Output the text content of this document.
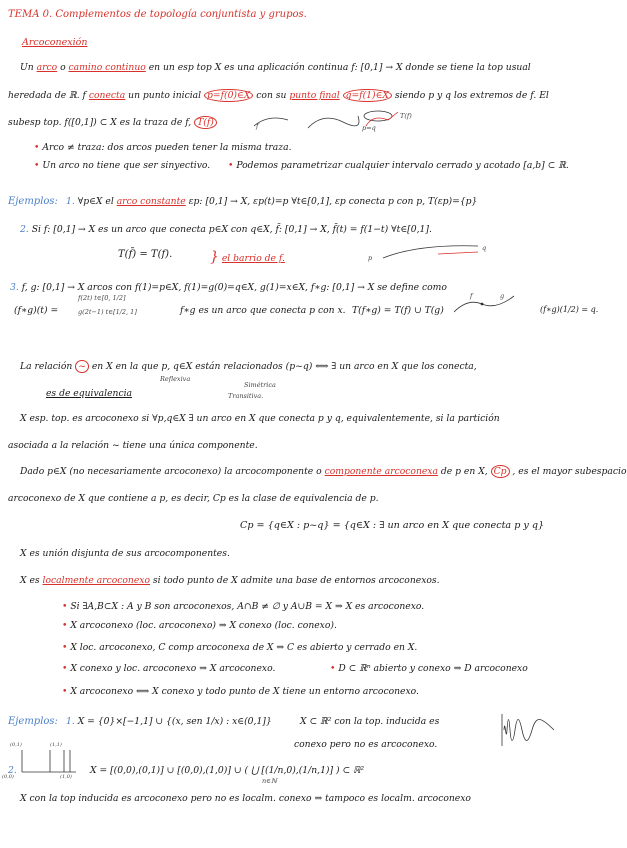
TEMA 0. Complementos de topología conjuntista y grupos.
Arcoconexión
Un arco o camino continuo en un esp top X es una aplicación continua f: [0,1] → X donde se tiene la top usual
heredada de ℝ. f conecta un punto inicial p=f(0)∈X con su punto final q=f(1)∈X siendo p y q los extremos de f. El
subesp top. f([0,1]) ⊂ X es la traza de f, T(f)	f	p=q
T(f)
• Arco ≠ traza: dos arcos pueden tener la misma traza.
• Un arco no tiene que ser sinyectivo. • Podemos parametrizar cualquier intervalo cerrado y acotado [a,b] ⊂ ℝ.
Ejemplos: 1. ∀p∈X el arco constante εp: [0,1] → X, εp(t)=p ∀t∈[0,1], εp conecta p con p, T(εp)={p}
2. Si f: [0,1] → X es un arco que conecta p∈X con q∈X, f̄: [0,1] → X, f̄(t) = f(1−t) ∀t∈[0,1].
T(f̄) = T(f).	} el barrio de f.	p
q
3. f, g: [0,1] → X arcos con f(1)=p∈X, f(1)=g(0)=q∈X, g(1)=x∈X, f∗g: [0,1] → X se define como
(f∗g)(t) =
f(2t) t∈[0, 1/2]
g(2t−1) t∈[1/2, 1]	f∗g es un arco que conecta p con x. T(f∗g) = T(f) ∪ T(g)
f	g
(f∗g)(1/2) = q.
La relación ~ en X en la que p, q∈X están relacionados (p~q) ⟺ ∃ un arco en X que los conecta,
es de equivalencia
Reflexiva
Simétrica
Transitiva.
X esp. top. es arcoconexo si ∀p,q∈X ∃ un arco en X que conecta p y q, equivalentemente, si la partición
asociada a la relación ~ tiene una única componente.
Dado p∈X (no necesariamente arcoconexo) la arcocomponente o componente arcoconexa de p en X, Cp , es el mayor subespacio
arcoconexo de X que contiene a p, es decir, Cp es la clase de equivalencia de p.
Cp = {q∈X : p~q} = {q∈X : ∃ un arco en X que conecta p y q}
X es unión disjunta de sus arcocomponentes.
X es localmente arcoconexo si todo punto de X admite una base de entornos arcoconexos.
• Si ∃A,B⊂X : A y B son arcoconexos, A∩B ≠ ∅ y A∪B = X ⇒ X es arcoconexo.
• X arcoconexo (loc. arcoconexo) ⇒ X conexo (loc. conexo).
• X loc. arcoconexo, C comp arcoconexa de X ⇒ C es abierto y cerrado en X.
• X conexo y loc. arcoconexo ⇒ X arcoconexo.	• D ⊂ ℝⁿ abierto y conexo ⇒ D arcoconexo
• X arcoconexo ⟺ X conexo y todo punto de X tiene un entorno arcoconexo.
Ejemplos: 1. X = {0}×[−1,1] ∪ {(x, sen 1/x) : x∈(0,1]}	X ⊂ ℝ² con la top. inducida es
conexo pero no es arcoconexo.
(0,1)	(1,1)
(0,0)	(1,0)
2.	X = [(0,0),(0,1)] ∪ [(0,0),(1,0)] ∪ ( ⋃ [(1/n,0),(1/n,1)] ) ⊂ ℝ²
n∈ℕ
X con la top inducida es arcoconexo pero no es localm. conexo ⇒ tampoco es localm. arcoconexo
